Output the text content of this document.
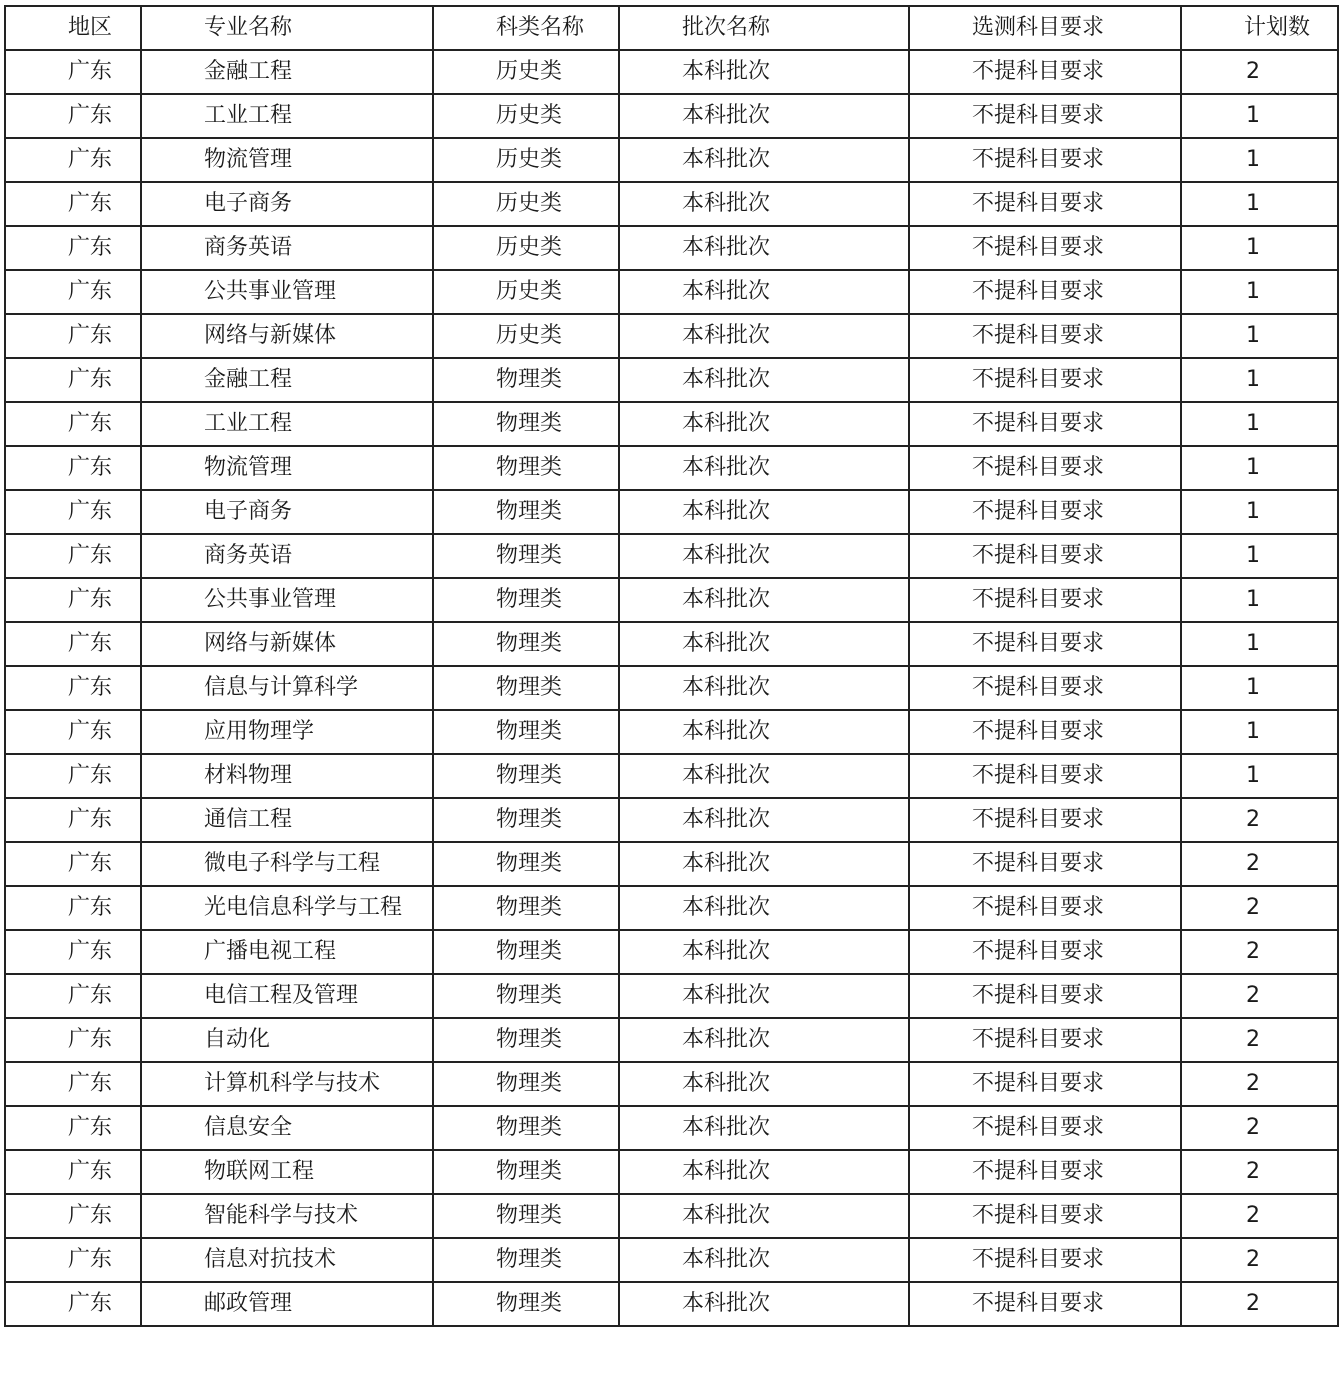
地区	专业名称	科类名称	批次名称	选测科目要求	计划数
广东	金融工程	历史类	本科批次	不提科目要求	2
广东	工业工程	历史类	本科批次	不提科目要求	1
广东	物流管理	历史类	本科批次	不提科目要求	1
广东	电子商务	历史类	本科批次	不提科目要求	1
广东	商务英语	历史类	本科批次	不提科目要求	1
广东	公共事业管理	历史类	本科批次	不提科目要求	1
广东	网络与新媒体	历史类	本科批次	不提科目要求	1
广东	金融工程	物理类	本科批次	不提科目要求	1
广东	工业工程	物理类	本科批次	不提科目要求	1
广东	物流管理	物理类	本科批次	不提科目要求	1
广东	电子商务	物理类	本科批次	不提科目要求	1
广东	商务英语	物理类	本科批次	不提科目要求	1
广东	公共事业管理	物理类	本科批次	不提科目要求	1
广东	网络与新媒体	物理类	本科批次	不提科目要求	1
广东	信息与计算科学	物理类	本科批次	不提科目要求	1
广东	应用物理学	物理类	本科批次	不提科目要求	1
广东	材料物理	物理类	本科批次	不提科目要求	1
广东	通信工程	物理类	本科批次	不提科目要求	2
广东	微电子科学与工程	物理类	本科批次	不提科目要求	2
广东	光电信息科学与工程	物理类	本科批次	不提科目要求	2
广东	广播电视工程	物理类	本科批次	不提科目要求	2
广东	电信工程及管理	物理类	本科批次	不提科目要求	2
广东	自动化	物理类	本科批次	不提科目要求	2
广东	计算机科学与技术	物理类	本科批次	不提科目要求	2
广东	信息安全	物理类	本科批次	不提科目要求	2
广东	物联网工程	物理类	本科批次	不提科目要求	2
广东	智能科学与技术	物理类	本科批次	不提科目要求	2
广东	信息对抗技术	物理类	本科批次	不提科目要求	2
广东	邮政管理	物理类	本科批次	不提科目要求	2
